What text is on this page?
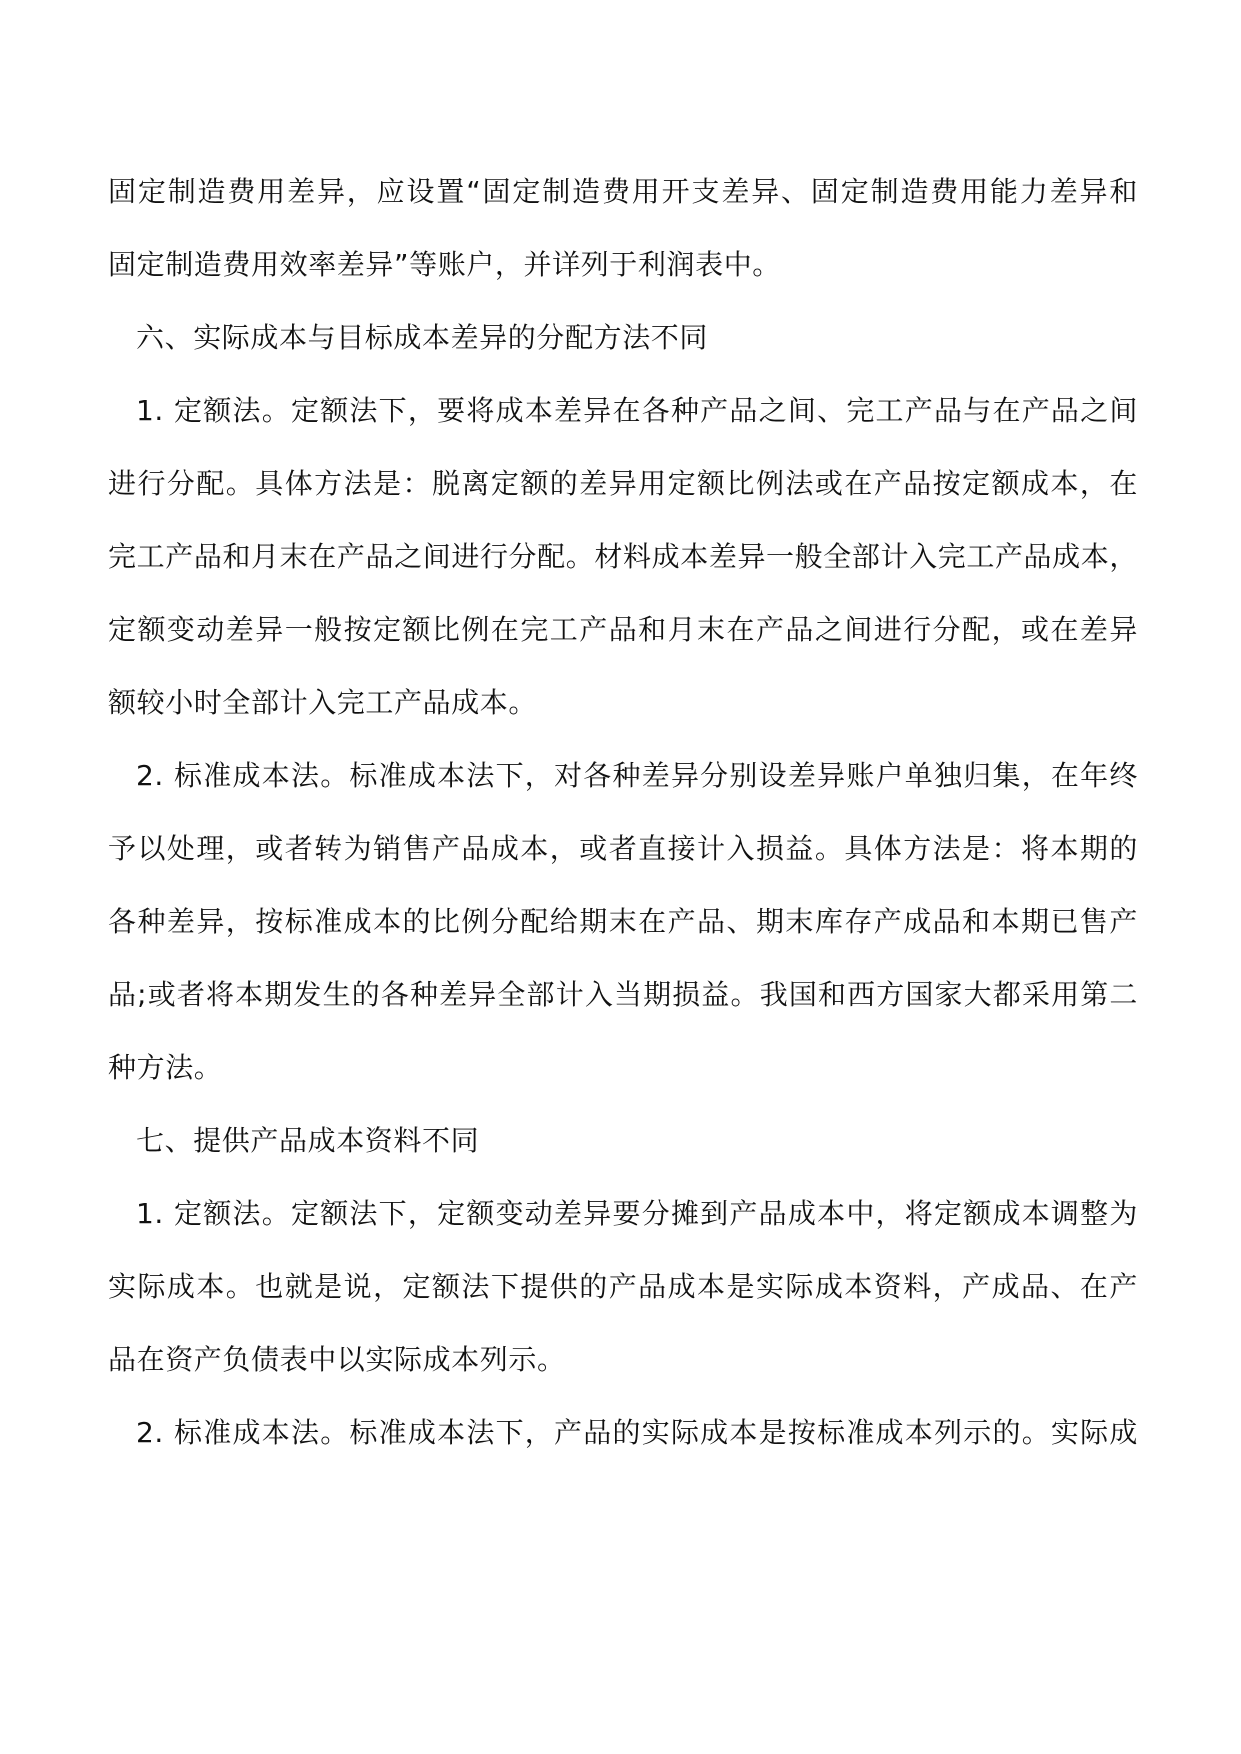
固定制造费用差异，应设置“固定制造费用开支差异、固定制造费用能力差异和
固定制造费用效率差异”等账户，并详列于利润表中。
六、实际成本与目标成本差异的分配方法不同
1. 定额法。定额法下，要将成本差异在各种产品之间、完工产品与在产品之间
进行分配。具体方法是：脱离定额的差异用定额比例法或在产品按定额成本，在
完工产品和月末在产品之间进行分配。材料成本差异一般全部计入完工产品成本，
定额变动差异一般按定额比例在完工产品和月末在产品之间进行分配，或在差异
额较小时全部计入完工产品成本。
2. 标准成本法。标准成本法下，对各种差异分别设差异账户单独归集，在年终
予以处理，或者转为销售产品成本，或者直接计入损益。具体方法是：将本期的
各种差异，按标准成本的比例分配给期末在产品、期末库存产成品和本期已售产
品;或者将本期发生的各种差异全部计入当期损益。我国和西方国家大都采用第二
种方法。
七、提供产品成本资料不同
1. 定额法。定额法下，定额变动差异要分摊到产品成本中，将定额成本调整为
实际成本。也就是说，定额法下提供的产品成本是实际成本资料，产成品、在产
品在资产负债表中以实际成本列示。
2. 标准成本法。标准成本法下，产品的实际成本是按标准成本列示的。实际成
